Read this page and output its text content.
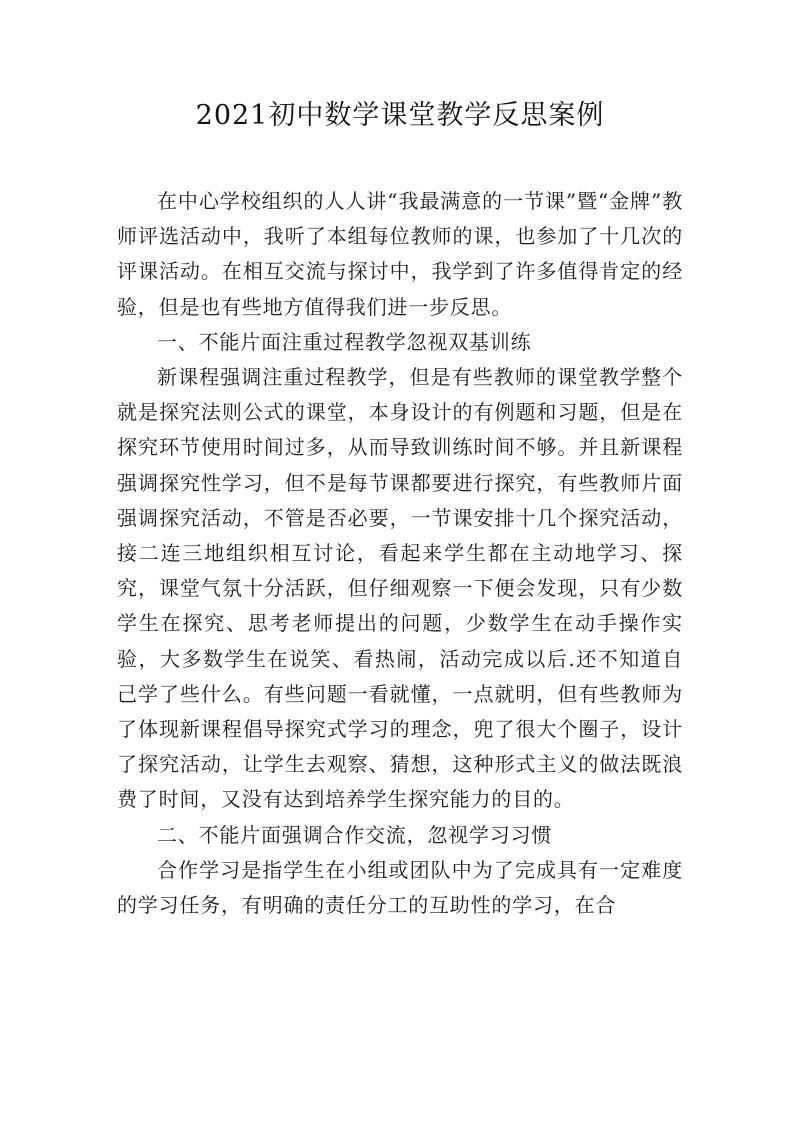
2021初中数学课堂教学反思案例

在中心学校组织的人人讲“我最满意的一节课”暨“金牌”教师评选活动中，我听了本组每位教师的课，也参加了十几次的评课活动。在相互交流与探讨中，我学到了许多值得肯定的经验，但是也有些地方值得我们进一步反思。

一、不能片面注重过程教学忽视双基训练

新课程强调注重过程教学，但是有些教师的课堂教学整个就是探究法则公式的课堂，本身设计的有例题和习题，但是在探究环节使用时间过多，从而导致训练时间不够。并且新课程强调探究性学习，但不是每节课都要进行探究，有些教师片面强调探究活动，不管是否必要，一节课安排十几个探究活动，接二连三地组织相互讨论，看起来学生都在主动地学习、探究，课堂气氛十分活跃，但仔细观察一下便会发现，只有少数学生在探究、思考老师提出的问题，少数学生在动手操作实验，大多数学生在说笑、看热闹，活动完成以后.还不知道自己学了些什么。有些问题一看就懂，一点就明，但有些教师为了体现新课程倡导探究式学习的理念，兜了很大个圈子，设计了探究活动，让学生去观察、猜想，这种形式主义的做法既浪费了时间，又没有达到培养学生探究能力的目的。

二、不能片面强调合作交流，忽视学习习惯

合作学习是指学生在小组或团队中为了完成具有一定难度的学习任务，有明确的责任分工的互助性的学习，在合
